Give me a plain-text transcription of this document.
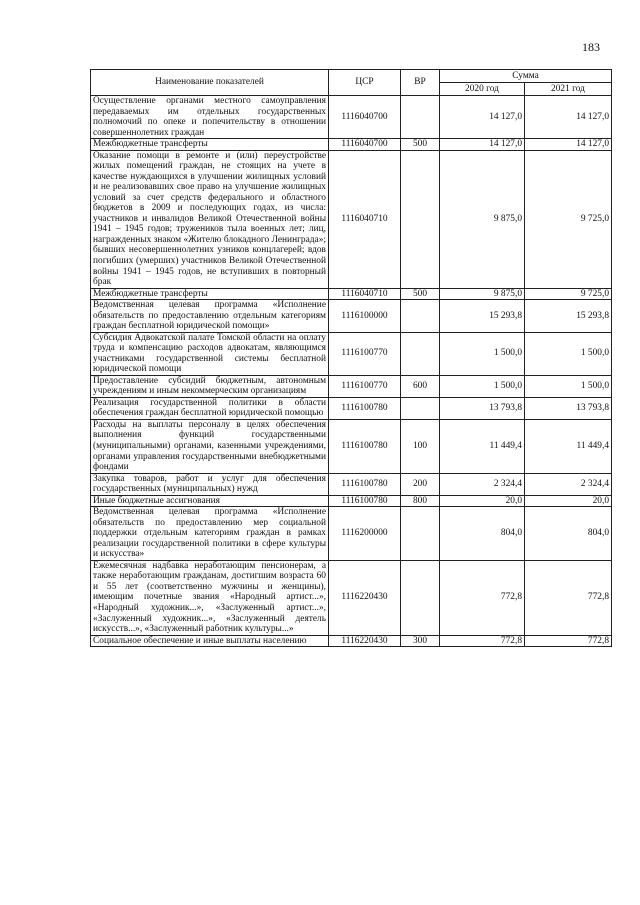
183
Наименование показателей	ЦСР	ВР	Сумма	
			2020 год	2021 год
Осуществление органами местного самоуправления передаваемых им отдельных государственных полномочий по опеке и попечительству в отношении совершеннолетних граждан	1116040700		14 127,0	14 127,0
Межбюджетные трансферты	1116040700	500	14 127,0	14 127,0
Оказание помощи в ремонте и (или) переустройстве жилых помещений граждан, не стоящих на учете в качестве нуждающихся в улучшении жилищных условий и не реализовавших свое право на улучшение жилищных условий за счет средств федерального и областного бюджетов в 2009 и последующих годах, из числа: участников и инвалидов Великой Отечественной войны 1941 – 1945 годов; тружеников тыла военных лет; лиц, награжденных знаком «Жителю блокадного Ленинграда»; бывших несовершеннолетних узников концлагерей; вдов погибших (умерших) участников Великой Отечественной войны 1941 – 1945 годов, не вступивших в повторный брак	1116040710		9 875,0	9 725,0
Межбюджетные трансферты	1116040710	500	9 875,0	9 725,0
Ведомственная целевая программа «Исполнение обязательств по предоставлению отдельным категориям граждан бесплатной юридической помощи»	1116100000		15 293,8	15 293,8
Субсидия Адвокатской палате Томской области на оплату труда и компенсацию расходов адвокатам, являющимся участниками государственной системы бесплатной юридической помощи	1116100770		1 500,0	1 500,0
Предоставление субсидий бюджетным, автономным учреждениям и иным некоммерческим организациям	1116100770	600	1 500,0	1 500,0
Реализация государственной политики в области обеспечения граждан бесплатной юридической помощью	1116100780		13 793,8	13 793,8
Расходы на выплаты персоналу в целях обеспечения выполнения функций государственными (муниципальными) органами, казенными учреждениями, органами управления государственными внебюджетными фондами	1116100780	100	11 449,4	11 449,4
Закупка товаров, работ и услуг для обеспечения государственных (муниципальных) нужд	1116100780	200	2 324,4	2 324,4
Иные бюджетные ассигнования	1116100780	800	20,0	20,0
Ведомственная целевая программа «Исполнение обязательств по предоставлению мер социальной поддержки отдельным категориям граждан в рамках реализации государственной политики в сфере культуры и искусства»	1116200000		804,0	804,0
Ежемесячная надбавка неработающим пенсионерам, а также неработающим гражданам, достигшим возраста 60 и 55 лет (соответственно мужчины и женщины), имеющим почетные звания «Народный артист...», «Народный художник...», «Заслуженный артист...», «Заслуженный художник...», «Заслуженный деятель искусств...», «Заслуженный работник культуры...»	1116220430		772,8	772,8
Социальное обеспечение и иные выплаты населению	1116220430	300	772,8	772,8
